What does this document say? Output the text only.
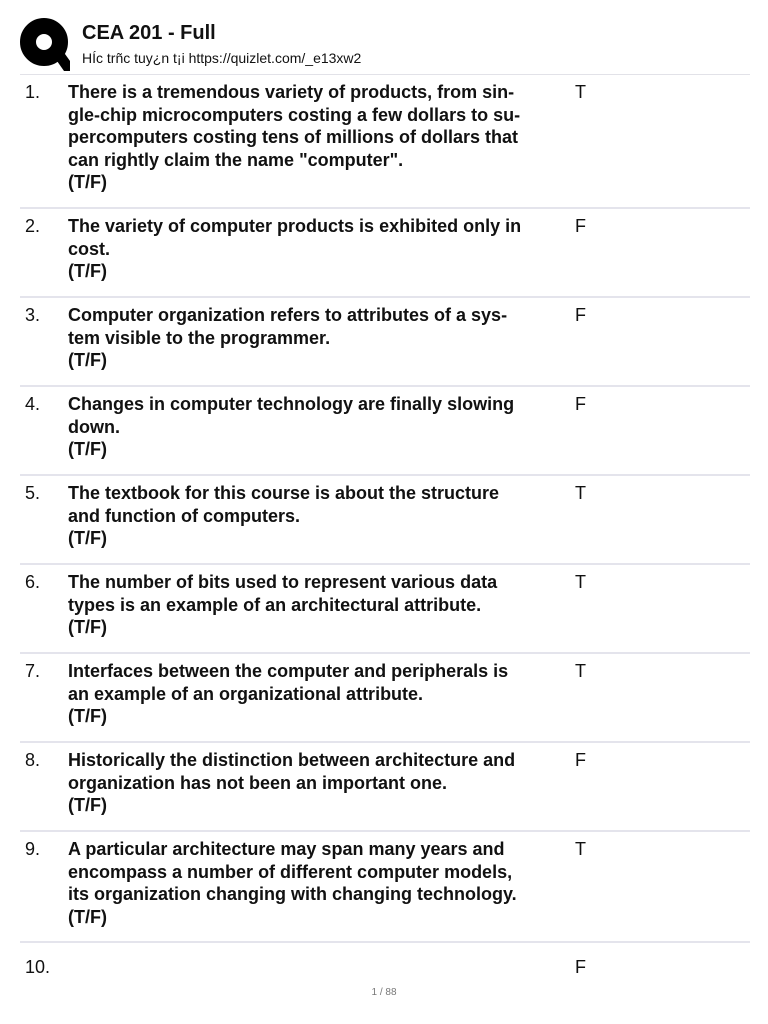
CEA 201 - Full
HÍc trñc tuy¿n t¡i https://quizlet.com/_e13xw2
1. There is a tremendous variety of products, from sin-
gle-chip microcomputers costing a few dollars to su-
percomputers costing tens of millions of dollars that
can rightly claim the name "computer".
(T/F)
T
2. The variety of computer products is exhibited only in
cost.
(T/F)
F
3. Computer organization refers to attributes of a sys-
tem visible to the programmer.
(T/F)
F
4. Changes in computer technology are finally slowing
down.
(T/F)
F
5. The textbook for this course is about the structure
and function of computers.
(T/F)
T
6. The number of bits used to represent various data
types is an example of an architectural attribute.
(T/F)
T
7. Interfaces between the computer and peripherals is
an example of an organizational attribute.
(T/F)
T
8. Historically the distinction between architecture and
organization has not been an important one.
(T/F)
F
9. A particular architecture may span many years and
encompass a number of different computer models,
its organization changing with changing technology.
(T/F)
T
10.	F
1 / 88
